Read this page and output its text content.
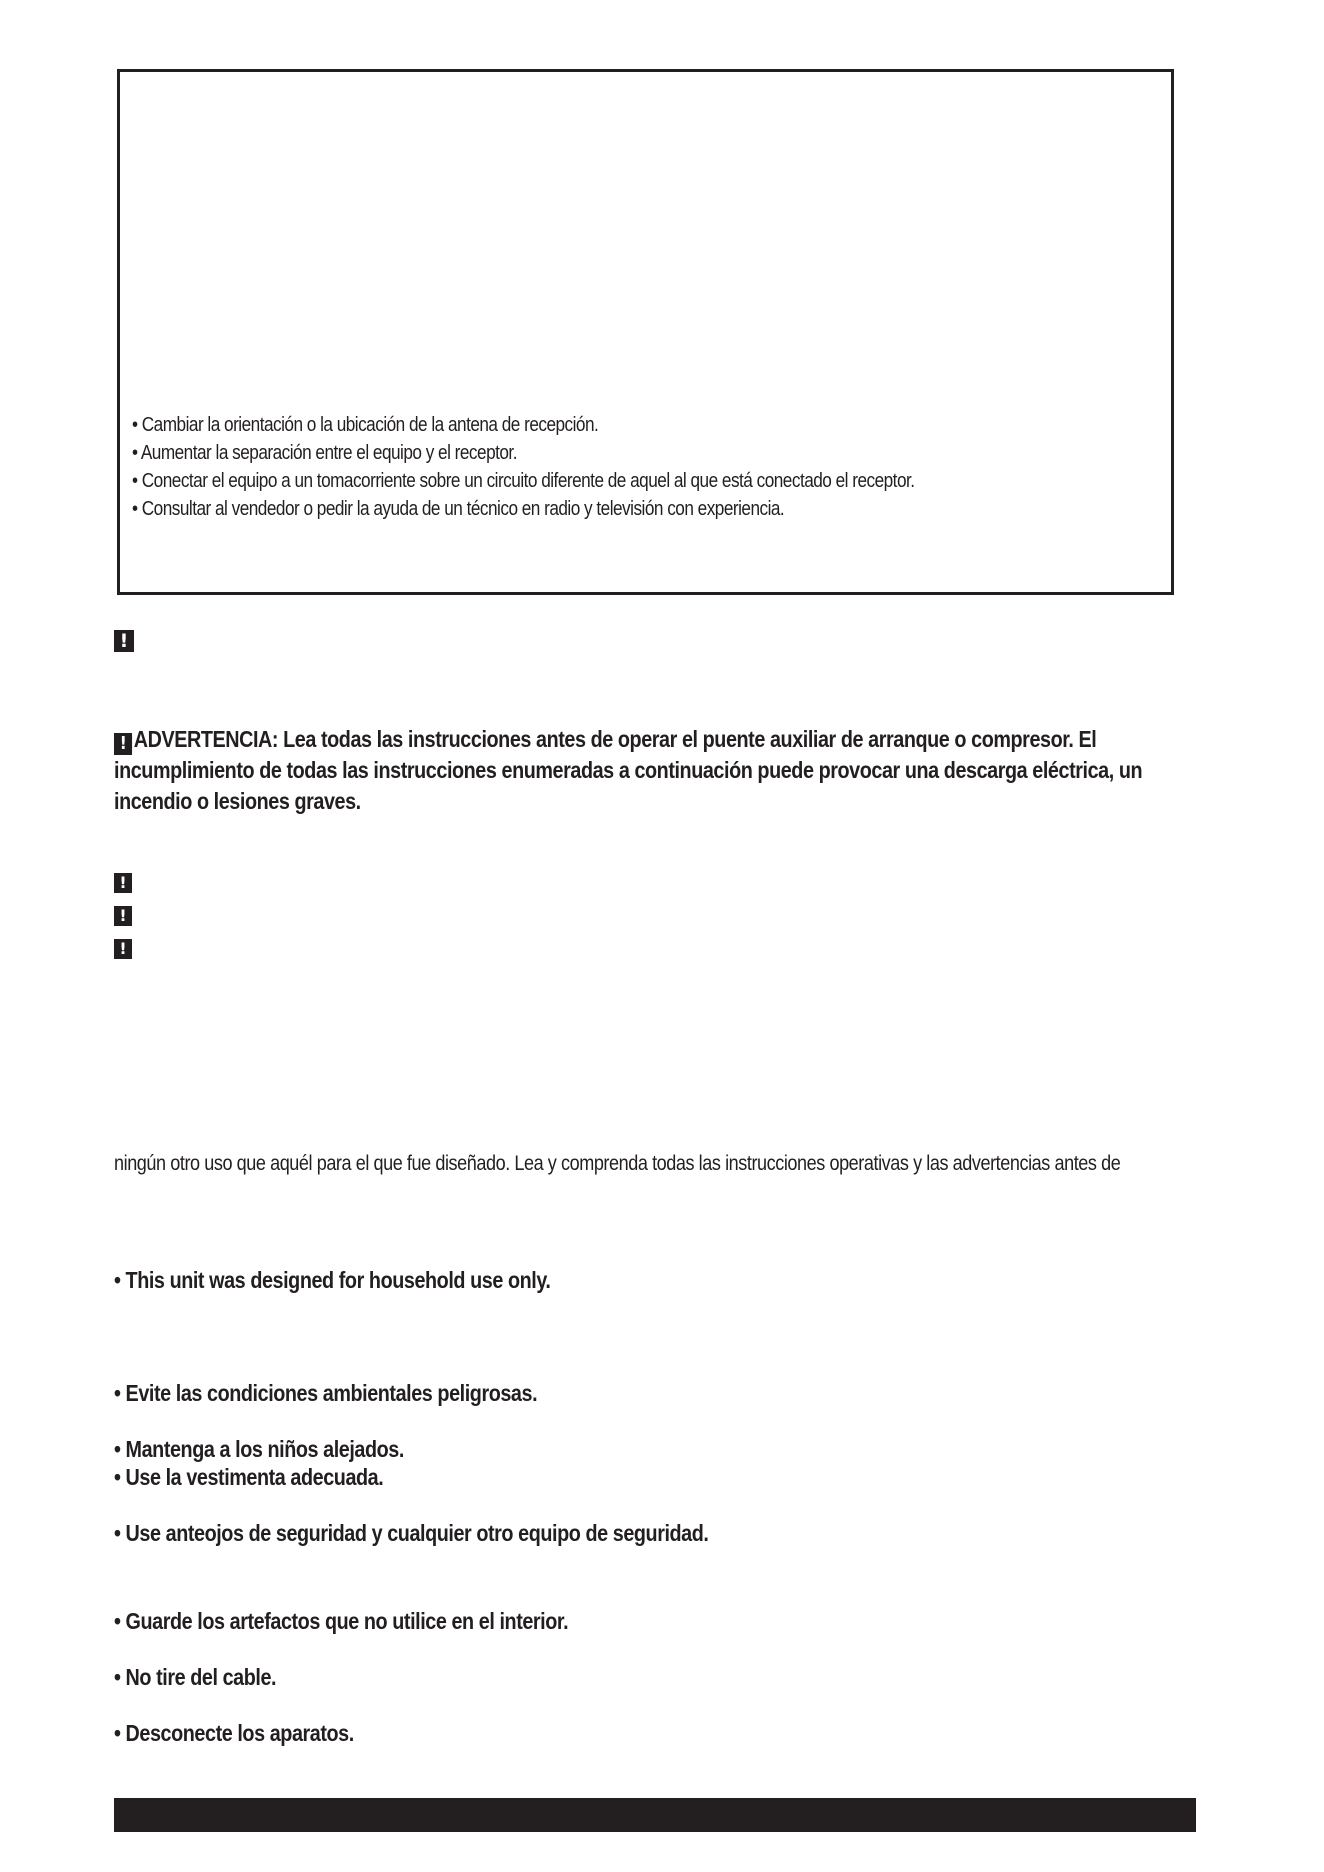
• Cambiar la orientación o la ubicación de la antena de recepción.
• Aumentar la separación entre el equipo y el receptor.
• Conectar el equipo a un tomacorriente sobre un circuito diferente de aquel al que está conectado el receptor.
• Consultar al vendedor o pedir la ayuda de un técnico en radio y televisión con experiencia.
!
! ADVERTENCIA: Lea todas las instrucciones antes de operar el puente auxiliar de arranque o compresor. El incumplimiento de todas las instrucciones enumeradas a continuación puede provocar una descarga eléctrica, un incendio o lesiones graves.
!
!
!
ningún otro uso que aquél para el que fue diseñado. Lea y comprenda todas las instrucciones operativas y las advertencias antes de
• This unit was designed for household use only.
• Evite las condiciones ambientales peligrosas.
• Mantenga a los niños alejados.
• Use la vestimenta adecuada.
• Use anteojos de seguridad y cualquier otro equipo de seguridad.
• Guarde los artefactos que no utilice en el interior.
• No tire del cable.
• Desconecte los aparatos.
